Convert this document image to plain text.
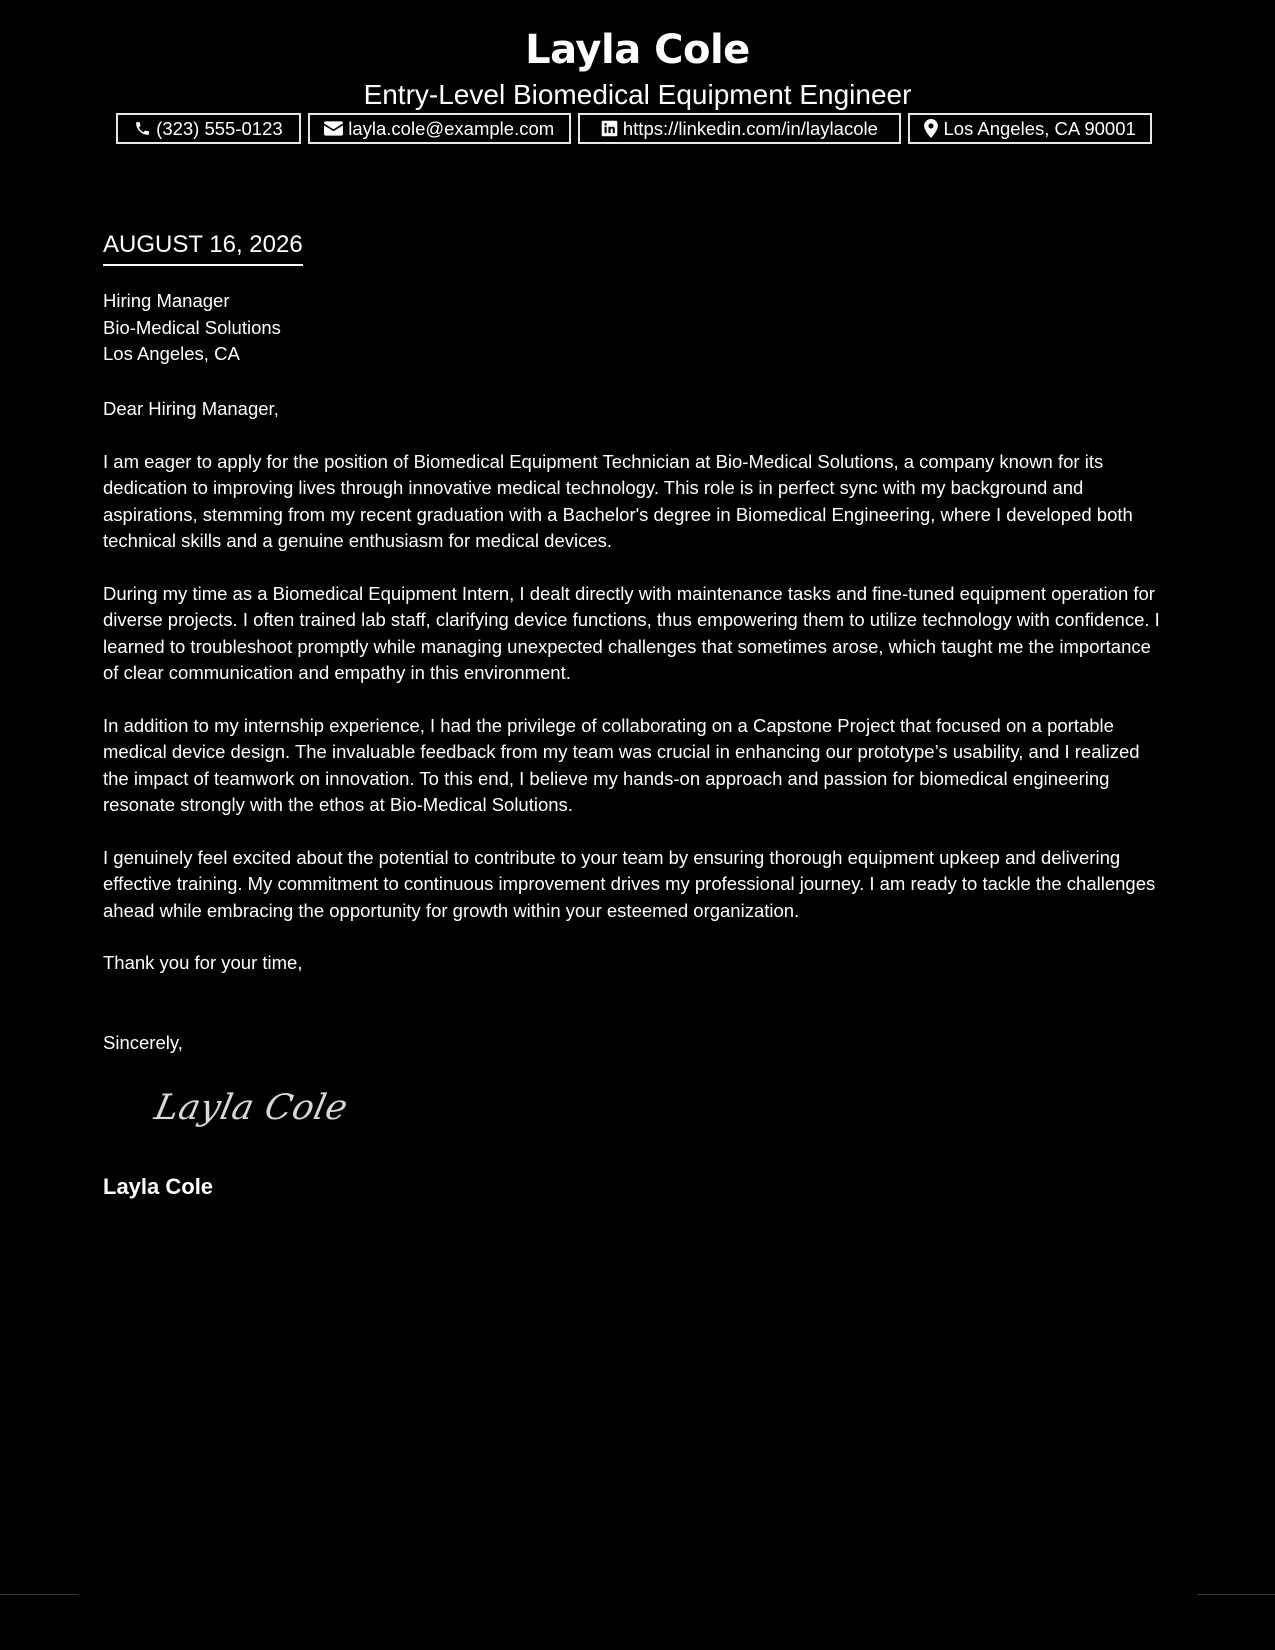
Layla Cole
Entry-Level Biomedical Equipment Engineer
(323) 555-0123	layla.cole@example.com	https://linkedin.com/in/laylacole	Los Angeles, CA 90001
AUGUST 16, 2026
Hiring Manager
Bio-Medical Solutions
Los Angeles, CA

Dear Hiring Manager,

I am eager to apply for the position of Biomedical Equipment Technician at Bio-Medical Solutions, a company known for its dedication to improving lives through innovative medical technology. This role is in perfect sync with my background and aspirations, stemming from my recent graduation with a Bachelor's degree in Biomedical Engineering, where I developed both technical skills and a genuine enthusiasm for medical devices.

During my time as a Biomedical Equipment Intern, I dealt directly with maintenance tasks and fine-tuned equipment operation for diverse projects. I often trained lab staff, clarifying device functions, thus empowering them to utilize technology with confidence. I learned to troubleshoot promptly while managing unexpected challenges that sometimes arose, which taught me the importance of clear communication and empathy in this environment.

In addition to my internship experience, I had the privilege of collaborating on a Capstone Project that focused on a portable medical device design. The invaluable feedback from my team was crucial in enhancing our prototype’s usability, and I realized the impact of teamwork on innovation. To this end, I believe my hands-on approach and passion for biomedical engineering resonate strongly with the ethos at Bio-Medical Solutions.

I genuinely feel excited about the potential to contribute to your team by ensuring thorough equipment upkeep and delivering effective training. My commitment to continuous improvement drives my professional journey. I am ready to tackle the challenges ahead while embracing the opportunity for growth within your esteemed organization.

Thank you for your time,

Sincerely,

Layla Cole
Layla Cole
